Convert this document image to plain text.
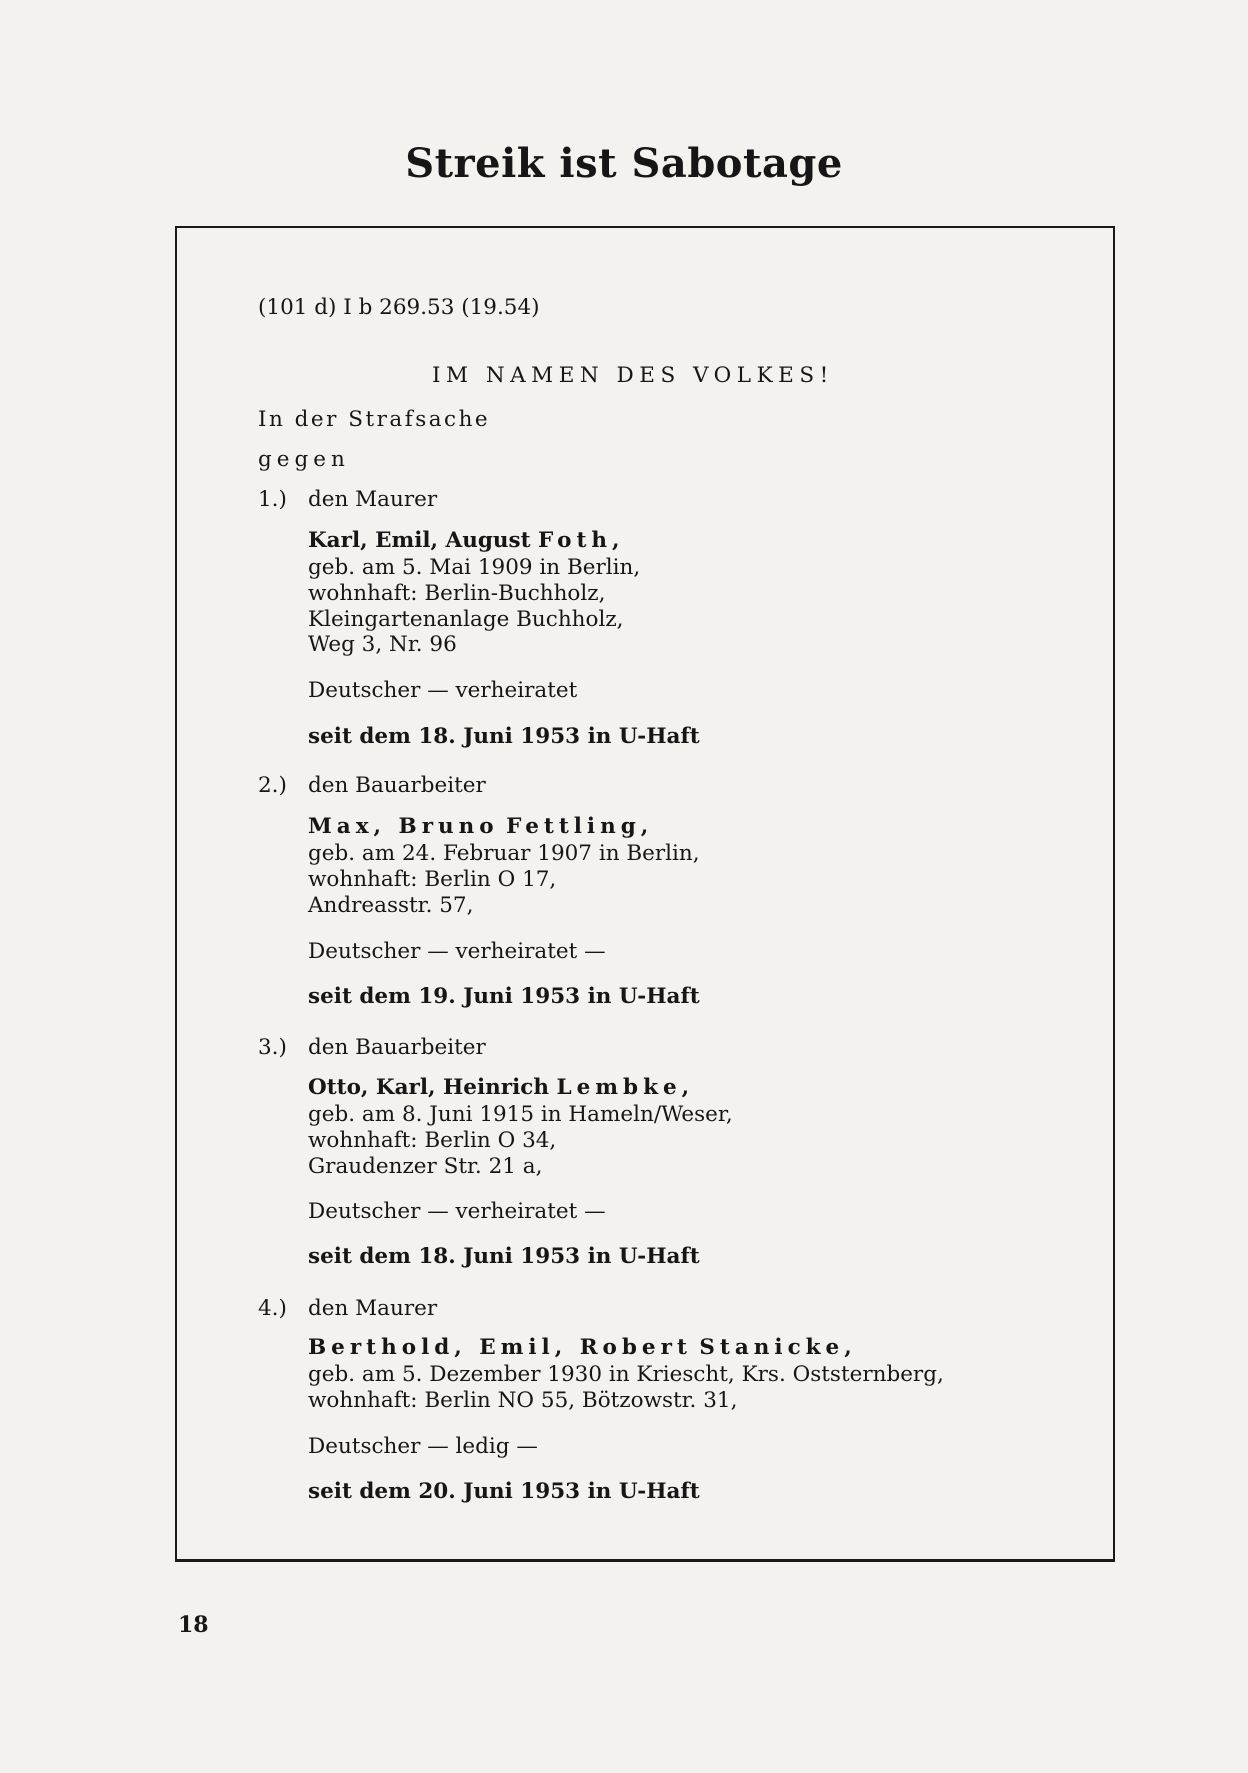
Streik ist Sabotage

(101 d) I b 269.53 (19.54)

IM NAMEN DES VOLKES!

In der Strafsache

gegen

1.) den Maurer

Karl, Emil, August Foth,

geb. am 5. Mai 1909 in Berlin,

wohnhaft: Berlin-Buchholz,

Kleingartenanlage Buchholz,

Weg 3, Nr. 96

Deutscher — verheiratet

seit dem 18. Juni 1953 in U-Haft

2.) den Bauarbeiter

Max, Bruno Fettling,

geb. am 24. Februar 1907 in Berlin,

wohnhaft: Berlin O 17,

Andreasstr. 57,

Deutscher — verheiratet —

seit dem 19. Juni 1953 in U-Haft

3.) den Bauarbeiter

Otto, Karl, Heinrich Lembke,

geb. am 8. Juni 1915 in Hameln/Weser,

wohnhaft: Berlin O 34,

Graudenzer Str. 21 a,

Deutscher — verheiratet —

seit dem 18. Juni 1953 in U-Haft

4.) den Maurer

Berthold, Emil, Robert Stanicke,

geb. am 5. Dezember 1930 in Kriescht, Krs. Oststernberg,

wohnhaft: Berlin NO 55, Bötzowstr. 31,

Deutscher — ledig —

seit dem 20. Juni 1953 in U-Haft

18
